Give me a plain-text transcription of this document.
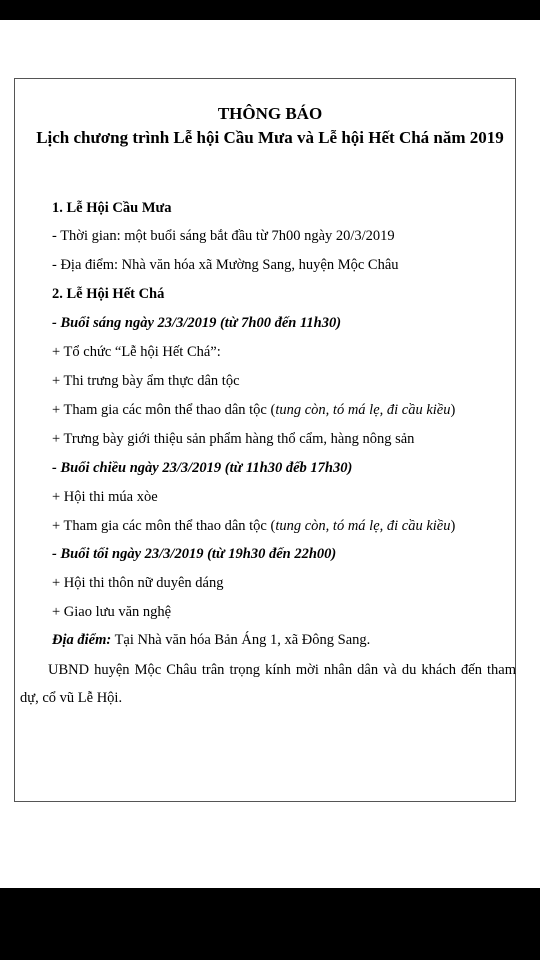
THÔNG BÁO
Lịch chương trình Lễ hội Cầu Mưa và Lễ hội Hết Chá năm 2019
1. Lễ Hội Cầu Mưa
- Thời gian: một buổi sáng bắt đầu từ 7h00 ngày 20/3/2019
- Địa điểm: Nhà văn hóa xã Mường Sang, huyện Mộc Châu
2. Lễ Hội Hết Chá
- Buổi sáng ngày 23/3/2019 (từ 7h00 đến 11h30)
+ Tổ chức “Lễ hội Hết Chá”:
+ Thi trưng bày ẩm thực dân tộc
+ Tham gia các môn thể thao dân tộc (tung còn, tó má lẹ, đi cầu kiều)
+ Trưng bày giới thiệu sản phẩm hàng thổ cẩm, hàng nông sản
- Buổi chiều ngày 23/3/2019 (từ 11h30 đếb 17h30)
+ Hội thi múa xòe
+ Tham gia các môn thể thao dân tộc (tung còn, tó má lẹ, đi cầu kiều)
- Buổi tối ngày 23/3/2019 (từ 19h30 đến 22h00)
+ Hội thi thôn nữ duyên dáng
+ Giao lưu văn nghệ
Địa điểm: Tại Nhà văn hóa Bản Áng 1, xã Đông Sang.
UBND huyện Mộc Châu trân trọng kính mời nhân dân và du khách đến tham dự, cổ vũ Lễ Hội.
